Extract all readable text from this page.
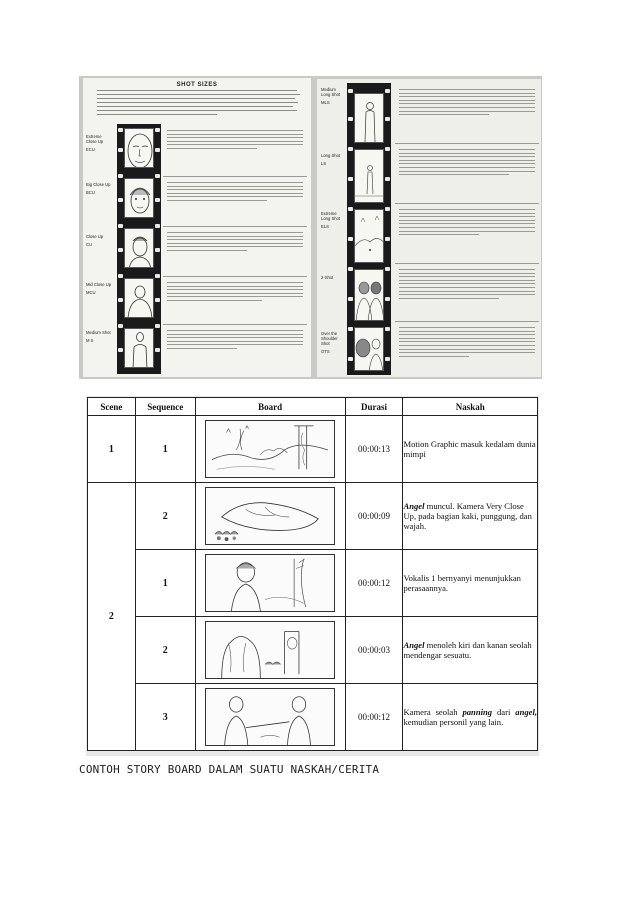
SHOT SIZES
Extreme Close Up
ECU
Big Close Up
BCU
Close Up
CU
Mid Close Up
MCU
Medium Shot
M S
Medium Long Shot
MLS
Long Shot
LS
Extreme Long Shot
ELS
2-Shot
Over the Shoulder Shot
OTS
Scene	Sequence	Board	Durasi	Naskah
1	1		00:00:13	Motion Graphic masuk kedalam dunia mimpi
2	2		00:00:09	Angel muncul. Kamera Very Close Up, pada bagian kaki, punggung, dan wajah.
	1		00:00:12	Vokalis 1 bernyanyi menunjukkan perasaannya.
	2		00:00:03	Angel menoleh kiri dan kanan seolah mendengar sesuatu.
	3		00:00:12	Kamera seolah panning dari angel, kemudian personil yang lain.
CONTOH STORY BOARD DALAM SUATU NASKAH/CERITA
